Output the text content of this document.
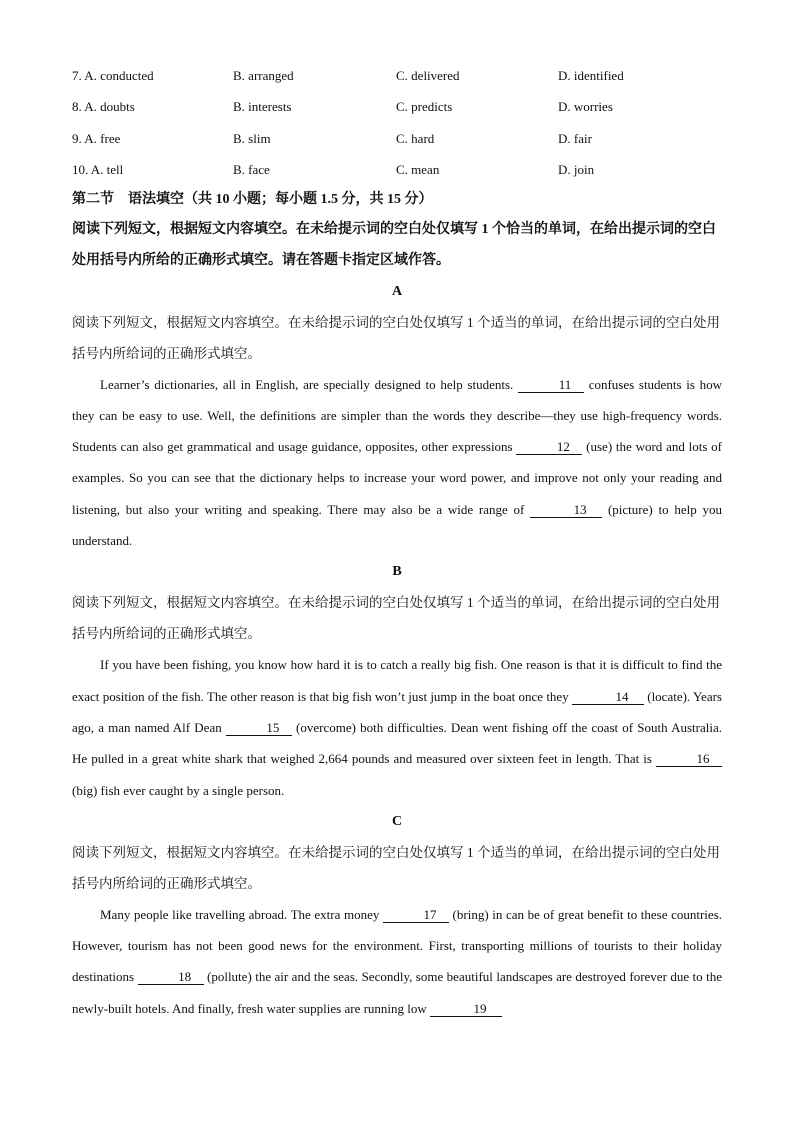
7. A. conducted	B. arranged	C. delivered	D. identified
8. A. doubts	B. interests	C. predicts	D. worries
9. A. free	B. slim	C. hard	D. fair
10. A. tell	B. face	C. mean	D. join
第二节　语法填空（共 10 小题；每小题 1.5 分，共 15 分）
阅读下列短文，根据短文内容填空。在未给提示词的空白处仅填写 1 个恰当的单词，在给出提示词的空白处用括号内所给的正确形式填空。请在答题卡指定区域作答。
A
阅读下列短文，根据短文内容填空。在未给提示词的空白处仅填写 1 个适当的单词，在给出提示词的空白处用括号内所给词的正确形式填空。
Learner’s dictionaries, all in English, are specially designed to help students.	11 confuses students is how they can be easy to use. Well, the definitions are simpler than the words they describe—they use high-frequency words. Students can also get grammatical and usage guidance, opposites, other expressions	12 (use) the word and lots of examples. So you can see that the dictionary helps to increase your word power, and improve not only your reading and listening, but also your writing and speaking. There may also be a wide range of	13 (picture) to help you understand.
B
阅读下列短文，根据短文内容填空。在未给提示词的空白处仅填写 1 个适当的单词，在给出提示词的空白处用括号内所给词的正确形式填空。
If you have been fishing, you know how hard it is to catch a really big fish. One reason is that it is difficult to find the exact position of the fish. The other reason is that big fish won’t just jump in the boat once they	14 (locate). Years ago, a man named Alf Dean	15 (overcome) both difficulties. Dean went fishing off the coast of South Australia. He pulled in a great white shark that weighed 2,664 pounds and measured over sixteen feet in length. That is	16 (big) fish ever caught by a single person.
C
阅读下列短文，根据短文内容填空。在未给提示词的空白处仅填写 1 个适当的单词，在给出提示词的空白处用括号内所给词的正确形式填空。
Many people like travelling abroad. The extra money	17 (bring) in can be of great benefit to these countries. However, tourism has not been good news for the environment. First, transporting millions of tourists to their holiday destinations	18 (pollute) the air and the seas. Secondly, some beautiful landscapes are destroyed forever due to the newly-built hotels. And finally, fresh water supplies are running low	19
